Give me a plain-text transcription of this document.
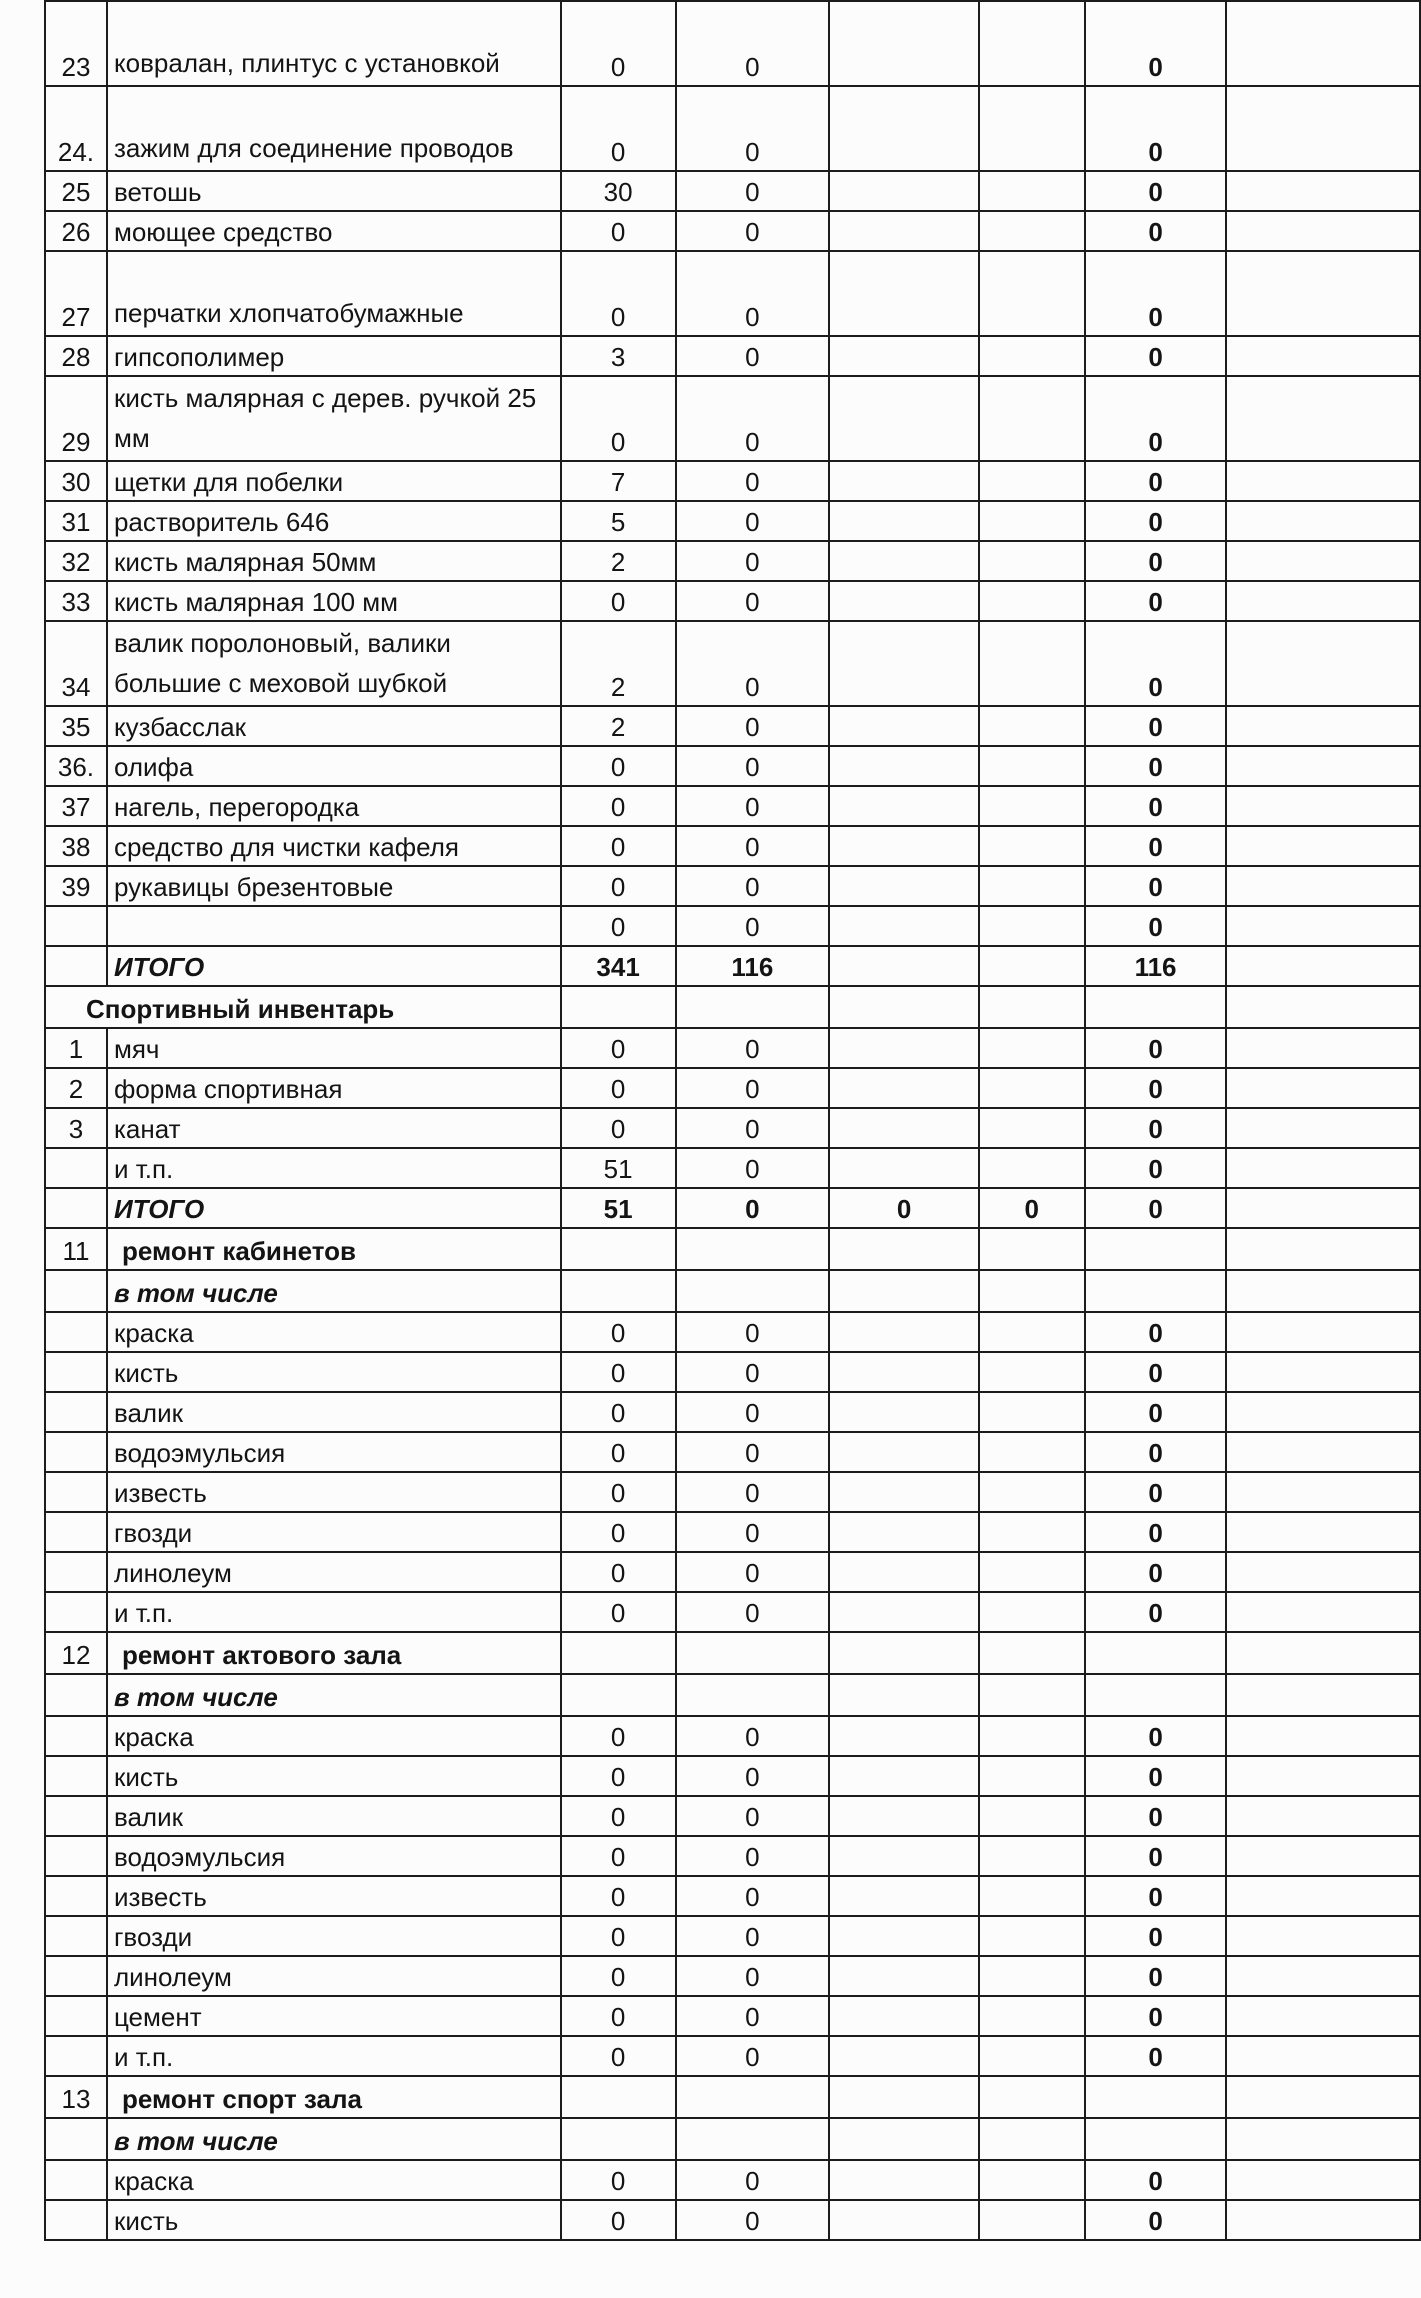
23	ковралан, плинтус с установкой	0	0			0	
24.	зажим для соединение проводов	0	0			0	
25	ветошь	30	0			0	
26	моющее средство	0	0			0	
27	перчатки хлопчатобумажные	0	0			0	
28	гипсополимер	3	0			0	
29	кисть малярная с дерев. ручкой 25 мм	0	0			0	
30	щетки для побелки	7	0			0	
31	растворитель 646	5	0			0	
32	кисть малярная 50мм	2	0			0	
33	кисть малярная 100 мм	0	0			0	
34	валик поролоновый, валики большие с меховой шубкой	2	0			0	
35	кузбасслак	2	0			0	
36.	олифа	0	0			0	
37	нагель, перегородка	0	0			0	
38	средство для чистки кафеля	0	0			0	
39	рукавицы брезентовые	0	0			0	
		0	0			0	
	ИТОГО	341	116			116	
Спортивный инвентарь							
1	мяч	0	0			0	
2	форма спортивная	0	0			0	
3	канат	0	0			0	
	и т.п.	51	0			0	
	ИТОГО	51	0	0	0	0	
11	ремонт кабинетов						
	в том числе						
	краска	0	0			0	
	кисть	0	0			0	
	валик	0	0			0	
	водоэмульсия	0	0			0	
	известь	0	0			0	
	гвозди	0	0			0	
	линолеум	0	0			0	
	и т.п.	0	0			0	
12	ремонт актового зала						
	в том числе						
	краска	0	0			0	
	кисть	0	0			0	
	валик	0	0			0	
	водоэмульсия	0	0			0	
	известь	0	0			0	
	гвозди	0	0			0	
	линолеум	0	0			0	
	цемент	0	0			0	
	и т.п.	0	0			0	
13	ремонт спорт зала						
	в том числе						
	краска	0	0			0	
	кисть	0	0			0	
